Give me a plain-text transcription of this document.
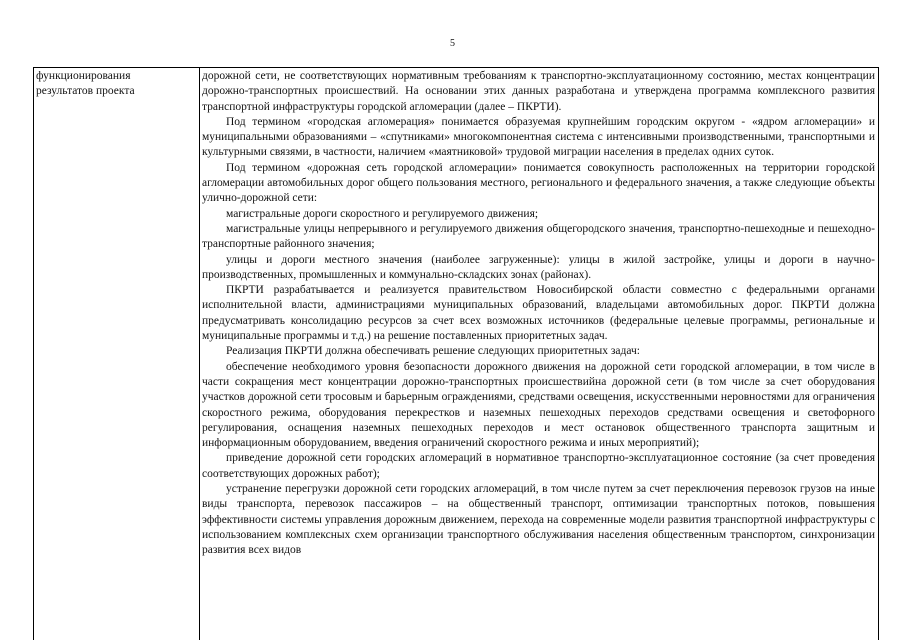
5
функционирования
результатов проекта

дорожной сети, не соответствующих нормативным требованиям к транспортно-эксплуатационному состоянию, местах концентрации дорожно-транспортных происшествий. На основании этих данных разработана и утверждена программа комплексного развития транспортной инфраструктуры городской агломерации (далее – ПКРТИ).

Под термином «городская агломерация» понимается образуемая крупнейшим городским округом - «ядром агломерации» и муниципальными образованиями – «спутниками» многокомпонентная система с интенсивными производственными, транспортными и культурными связями, в частности, наличием «маятниковой» трудовой миграции населения в пределах одних суток.

Под термином «дорожная сеть городской агломерации» понимается совокупность расположенных на территории городской агломерации автомобильных дорог общего пользования местного, регионального и федерального значения, а также следующие объекты улично-дорожной сети:

магистральные дороги скоростного и регулируемого движения;

магистральные улицы непрерывного и регулируемого движения общегородского значения, транспортно-пешеходные и пешеходно-транспортные районного значения;

улицы и дороги местного значения (наиболее загруженные): улицы в жилой застройке, улицы и дороги в научно-производственных, промышленных и коммунально-складских зонах (районах).

ПКРТИ разрабатывается и реализуется правительством Новосибирской области совместно с федеральными органами исполнительной власти, администрациями муниципальных образований, владельцами автомобильных дорог. ПКРТИ должна предусматривать консолидацию ресурсов за счет всех возможных источников (федеральные целевые программы, региональные и муниципальные программы и т.д.) на решение поставленных приоритетных задач.

Реализация ПКРТИ должна обеспечивать решение следующих приоритетных задач:

обеспечение необходимого уровня безопасности дорожного движения на дорожной сети городской агломерации, в том числе в части сокращения мест концентрации дорожно-транспортных происшествийна дорожной сети (в том числе за счет оборудования участков дорожной сети тросовым и барьерным ограждениями, средствами освещения, искусственными неровностями для ограничения скоростного режима, оборудования перекрестков и наземных пешеходных переходов средствами освещения и светофорного регулирования, оснащения наземных пешеходных переходов и мест остановок общественного транспорта защитным и информационным оборудованием, введения ограничений скоростного режима и иных мероприятий);

приведение дорожной сети городских агломераций в нормативное транспортно-эксплуатационное состояние (за счет проведения соответствующих дорожных работ);

устранение перегрузки дорожной сети городских агломераций, в том числе путем за счет переключения перевозок грузов на иные виды транспорта, перевозок пассажиров – на общественный транспорт, оптимизации транспортных потоков, повышения эффективности системы управления дорожным движением, перехода на современные модели развития транспортной инфраструктуры с использованием комплексных схем организации транспортного обслуживания населения общественным транспортом, синхронизации развития всех видов
